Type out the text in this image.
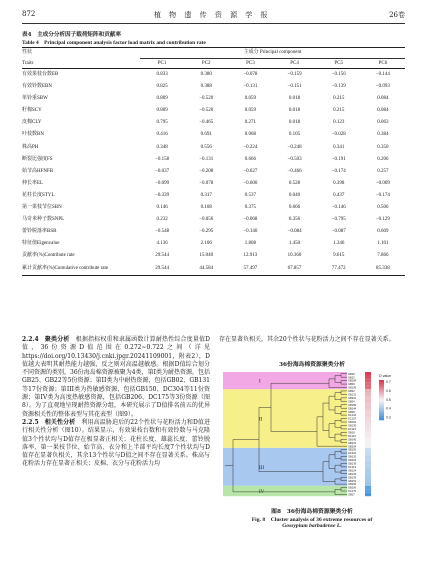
872	植 物 遗 传 资 源 学 报	26卷
表4　主成分分析因子载荷矩阵和贡献率
Table 4　Principal component analysis factor load matrix and contribution rate
性状	主成分 Principal component					
Traits	PC1	PC2	PC3	PC4	PC5	PC6
有效果枝台数EB	0.833	0.380	−0.078	−0.159	−0.156	−0.144
有效铃数EBN	0.825	0.388	−0.131	−0.151	−0.139	−0.093
单铃重SBW	0.809	−0.520	0.059	0.018	0.215	0.084
籽棉SCY	0.809	−0.520	0.059	0.018	0.215	0.084
皮棉CLY	0.795	−0.465	0.271	0.018	0.123	0.063
叶枝数BN	0.416	0.691	0.068	0.105	−0.028	0.384
株高PH	0.348	0.556	−0.224	−0.248	0.341	0.350
断裂比强度FS	−0.158	−0.131	0.666	−0.503	−0.191	0.206
始节高HFNFB	−0.037	−0.208	−0.627	−0.466	−0.174	0.257
伸长率EL	−0.099	−0.078	−0.600	0.528	0.398	−0.009
花柱长度STYL	−0.339	0.317	0.537	0.040	0.437	−0.174
第一果枝节位SBN	0.146	0.108	0.375	0.666	−0.146	0.506
马奇米种子数SNPL	0.232	−0.056	−0.068	0.356	−0.795	−0.129
蕾铃脱落率BSR	−0.548	−0.295	−0.140	−0.084	−0.087	0.609
特征值Eigenvalue	4.136	2.106	1.808	1.450	1.346	1.101
贡献率(%)Contribute rate	29.544	15.040	12.913	10.360	9.615	7.866
累计贡献率(%)Cumulative contribute rate	29.544	44.584	57.497	67.857	77.472	85.338

2.2.4  聚类分析  根据指标权重和隶属函数计算耐热性综合度量值D值，36份资源D值范围在0.272~0.722之间（详见https://doi.org/10.13430/j.cnki.jpgr.20241109001，附表2），D值越大表明其耐热能力越强，反之则对高温越敏感。根据D值综合划分不同资源的类别，36份海岛棉资源被聚为4类，第I类为耐热资源，包括GB25、GB22等5份资源；第II类为中耐热资源，包括GB02、GB131等17份资源；第III类为热敏感资源，包括GB150、DC304等11份资源；第IV类为高度热敏感资源，包括GB206、DC175等3份资源（图8）。为了直观地呈现耐热资源分组，本研究展示了D值排名前五的优异资源相关性的整体表型与其花表型（图9）。

2.2.5  相关性分析  利用高温胁迫后的22个性状与花粉活力和D值进行相关性分析（图10）。结果显示，有效果枝台数和有效铃数与马克隆值3个性状均与D值存在极显著正相关；花柱长度、雄蕊长度、蕾铃脱落率、第一果枝节位、始节高、衣分和上半部平均长度7个性状均与D值存在显著负相关，其余13个性状与D值之间不存在显著关系。株高与花粉活力存在显著正相关；皮棉、衣分与花粉活力均

存在显著负相关，其余20个性状与花粉活力之间不存在显著关系。
36份海岛棉资源聚类分析
GB25
GB22
GB164
GB09
GB136
GB02
GB131
GB201
GB04
GB186
GB144
GB05
DC134
DC107
GB194
GB130
DC115
GB18
DC110
GB145
GB122
GB204
GB150
DC304
GB120
GB163
GB139
DC113
GB124
GB149
GB139
GB153
GB156
GB206
DC175
GB07
I
II
III
IV
D value
0.7
0.6
0.5
0.4
0.3
图8　36份海岛棉资源聚类分析
Fig. 8　Cluster analysis of 36 extreme resources of
Gossypium barbadense L.
